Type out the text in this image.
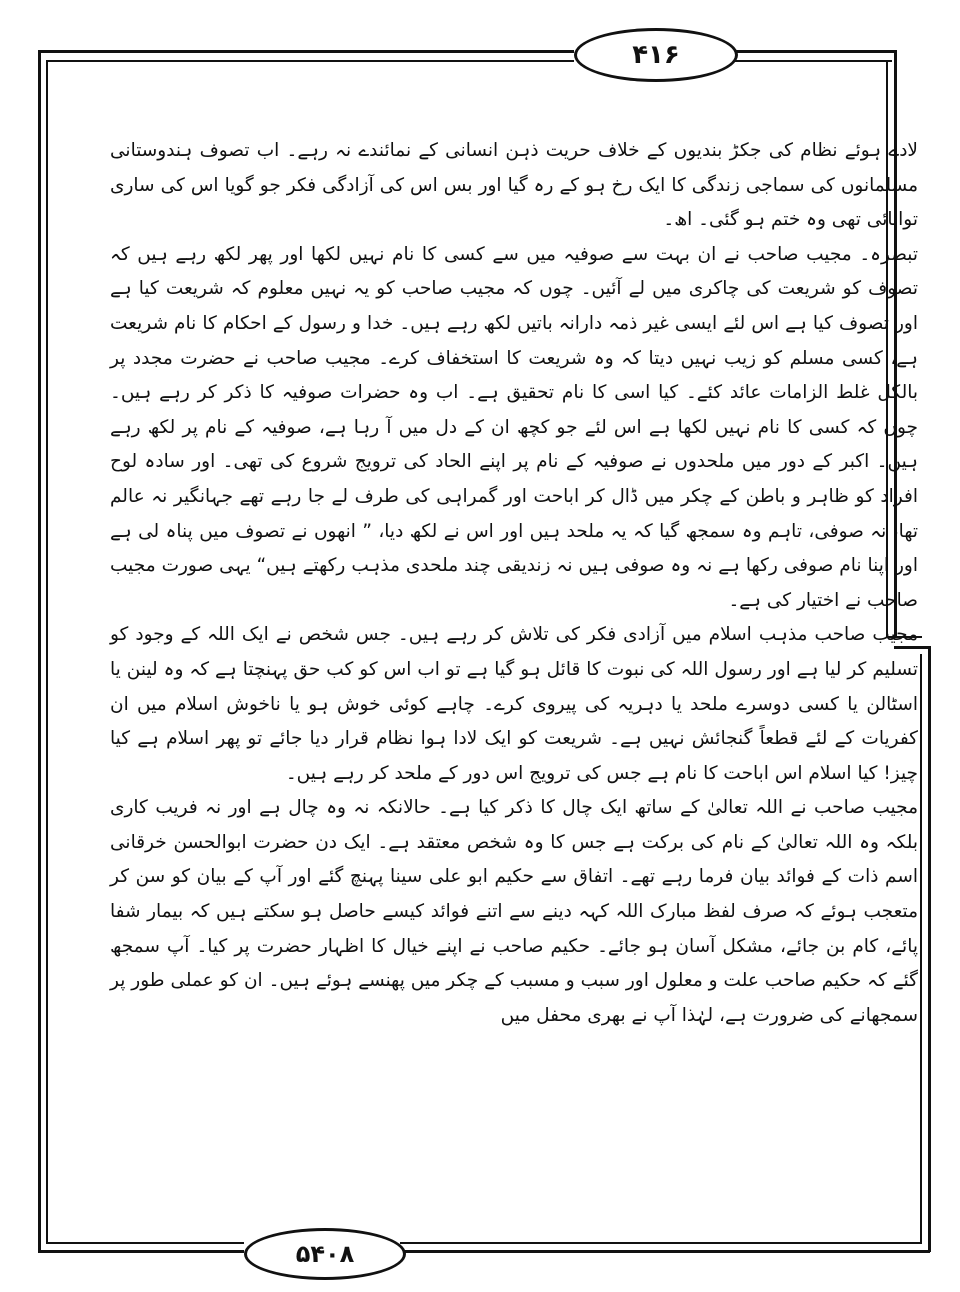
۴۱۶

لادے ہوئے نظام کی جکڑ بندیوں کے خلاف حریت ذہن انسانی کے نمائندے نہ رہے۔ اب تصوف ہندوستانی مسلمانوں کی سماجی زندگی کا ایک رخ ہو کے رہ گیا اور بس اس کی آزادگی فکر جو گویا اس کی ساری توانائی تھی وہ ختم ہو گئی۔ اھ۔

تبصرہ۔ مجیب صاحب نے ان بہت سے صوفیہ میں سے کسی کا نام نہیں لکھا اور پھر لکھ رہے ہیں کہ تصوف کو شریعت کی چاکری میں لے آئیں۔ چوں کہ مجیب صاحب کو یہ نہیں معلوم کہ شریعت کیا ہے اور تصوف کیا ہے اس لئے ایسی غیر ذمہ دارانہ باتیں لکھ رہے ہیں۔ خدا و رسول کے احکام کا نام شریعت ہے، کسی مسلم کو زیب نہیں دیتا کہ وہ شریعت کا استخفاف کرے۔ مجیب صاحب نے حضرت مجدد پر بالکل غلط الزامات عائد کئے۔ کیا اسی کا نام تحقیق ہے۔ اب وہ حضرات صوفیہ کا ذکر کر رہے ہیں۔ چوں کہ کسی کا نام نہیں لکھا ہے اس لئے جو کچھ ان کے دل میں آ رہا ہے، صوفیہ کے نام پر لکھ رہے ہیں۔ اکبر کے دور میں ملحدوں نے صوفیہ کے نام پر اپنے الحاد کی ترویج شروع کی تھی۔ اور سادہ لوح افراد کو ظاہر و باطن کے چکر میں ڈال کر اباحت اور گمراہی کی طرف لے جا رہے تھے جہانگیر نہ عالم تھا، نہ صوفی، تاہم وہ سمجھ گیا کہ یہ ملحد ہیں اور اس نے لکھ دیا، ” انھوں نے تصوف میں پناہ لی ہے اور اپنا نام صوفی رکھا ہے نہ وہ صوفی ہیں نہ زندیقی چند ملحدی مذہب رکھتے ہیں“ یہی صورت مجیب صاحب نے اختیار کی ہے۔

مجیب صاحب مذہب اسلام میں آزادی فکر کی تلاش کر رہے ہیں۔ جس شخص نے ایک اللہ کے وجود کو تسلیم کر لیا ہے اور رسول اللہ کی نبوت کا قائل ہو گیا ہے تو اب اس کو کب حق پہنچتا ہے کہ وہ لینن یا اسٹالن یا کسی دوسرے ملحد یا دہریہ کی پیروی کرے۔ چاہے کوئی خوش ہو یا ناخوش اسلام میں ان کفریات کے لئے قطعاً گنجائش نہیں ہے۔ شریعت کو ایک لادا ہوا نظام قرار دیا جائے تو پھر اسلام ہے کیا چیز! کیا اسلام اس اباحت کا نام ہے جس کی ترویج اس دور کے ملحد کر رہے ہیں۔

مجیب صاحب نے اللہ تعالیٰ کے ساتھ ایک چال کا ذکر کیا ہے۔ حالانکہ نہ وہ چال ہے اور نہ فریب کاری بلکہ وہ اللہ تعالیٰ کے نام کی برکت ہے جس کا وہ شخص معتقد ہے۔ ایک دن حضرت ابوالحسن خرقانی اسم ذات کے فوائد بیان فرما رہے تھے۔ اتفاق سے حکیم ابو علی سینا پہنچ گئے اور آپ کے بیان کو سن کر متعجب ہوئے کہ صرف لفظ مبارک اللہ کہہ دینے سے اتنے فوائد کیسے حاصل ہو سکتے ہیں کہ بیمار شفا پائے، کام بن جائے، مشکل آسان ہو جائے۔ حکیم صاحب نے اپنے خیال کا اظہار حضرت پر کیا۔ آپ سمجھ گئے کہ حکیم صاحب علت و معلول اور سبب و مسبب کے چکر میں پھنسے ہوئے ہیں۔ ان کو عملی طور پر سمجھانے کی ضرورت ہے، لہٰذا آپ نے بھری محفل میں

۵۴۰۸
